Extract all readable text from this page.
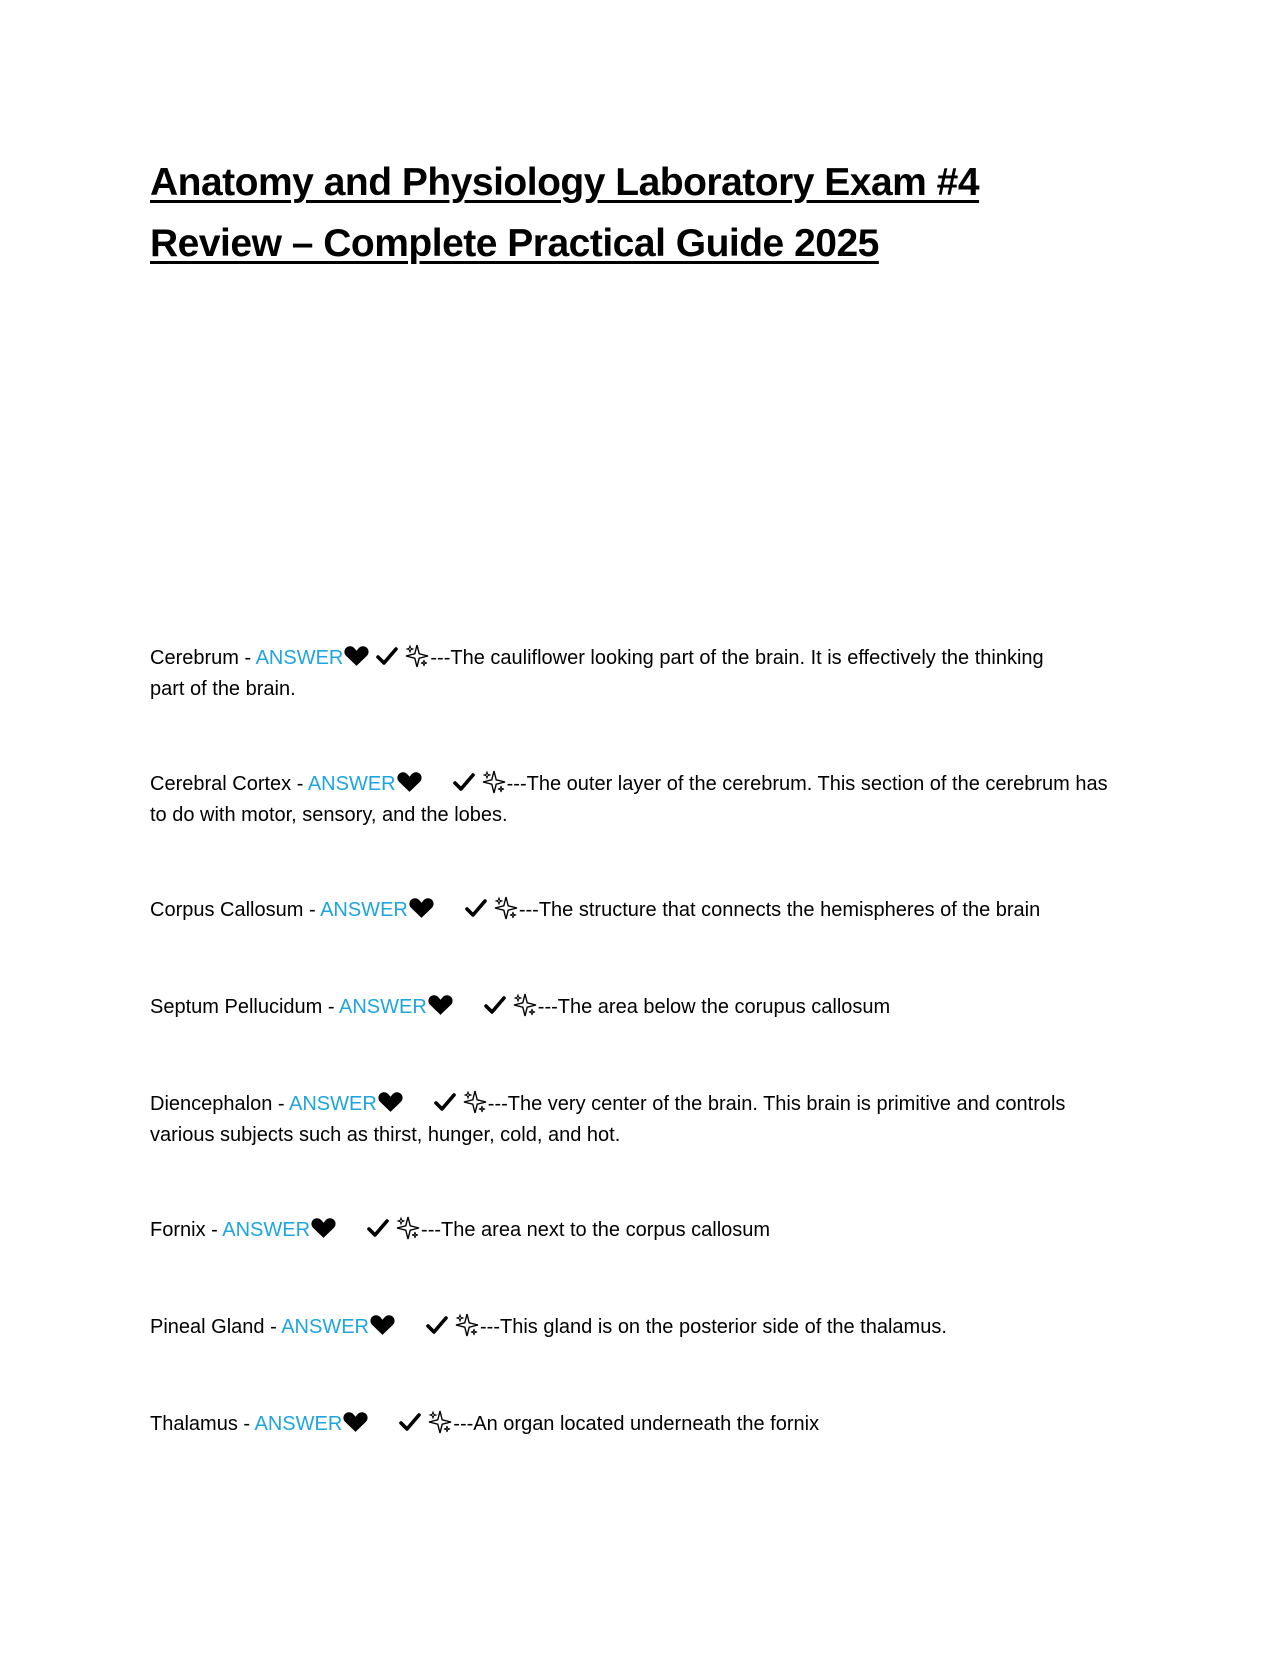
Anatomy and Physiology Laboratory Exam #4
Review – Complete Practical Guide 2025

Cerebrum - ANSWER	---The cauliflower looking part of the brain. It is effectively the thinking
part of the brain.

Cerebral Cortex - ANSWER	---The outer layer of the cerebrum. This section of the cerebrum has
to do with motor, sensory, and the lobes.

Corpus Callosum - ANSWER	---The structure that connects the hemispheres of the brain

Septum Pellucidum - ANSWER	---The area below the corupus callosum

Diencephalon - ANSWER	---The very center of the brain. This brain is primitive and controls
various subjects such as thirst, hunger, cold, and hot.

Fornix - ANSWER	---The area next to the corpus callosum

Pineal Gland - ANSWER	---This gland is on the posterior side of the thalamus.

Thalamus - ANSWER	---An organ located underneath the fornix
